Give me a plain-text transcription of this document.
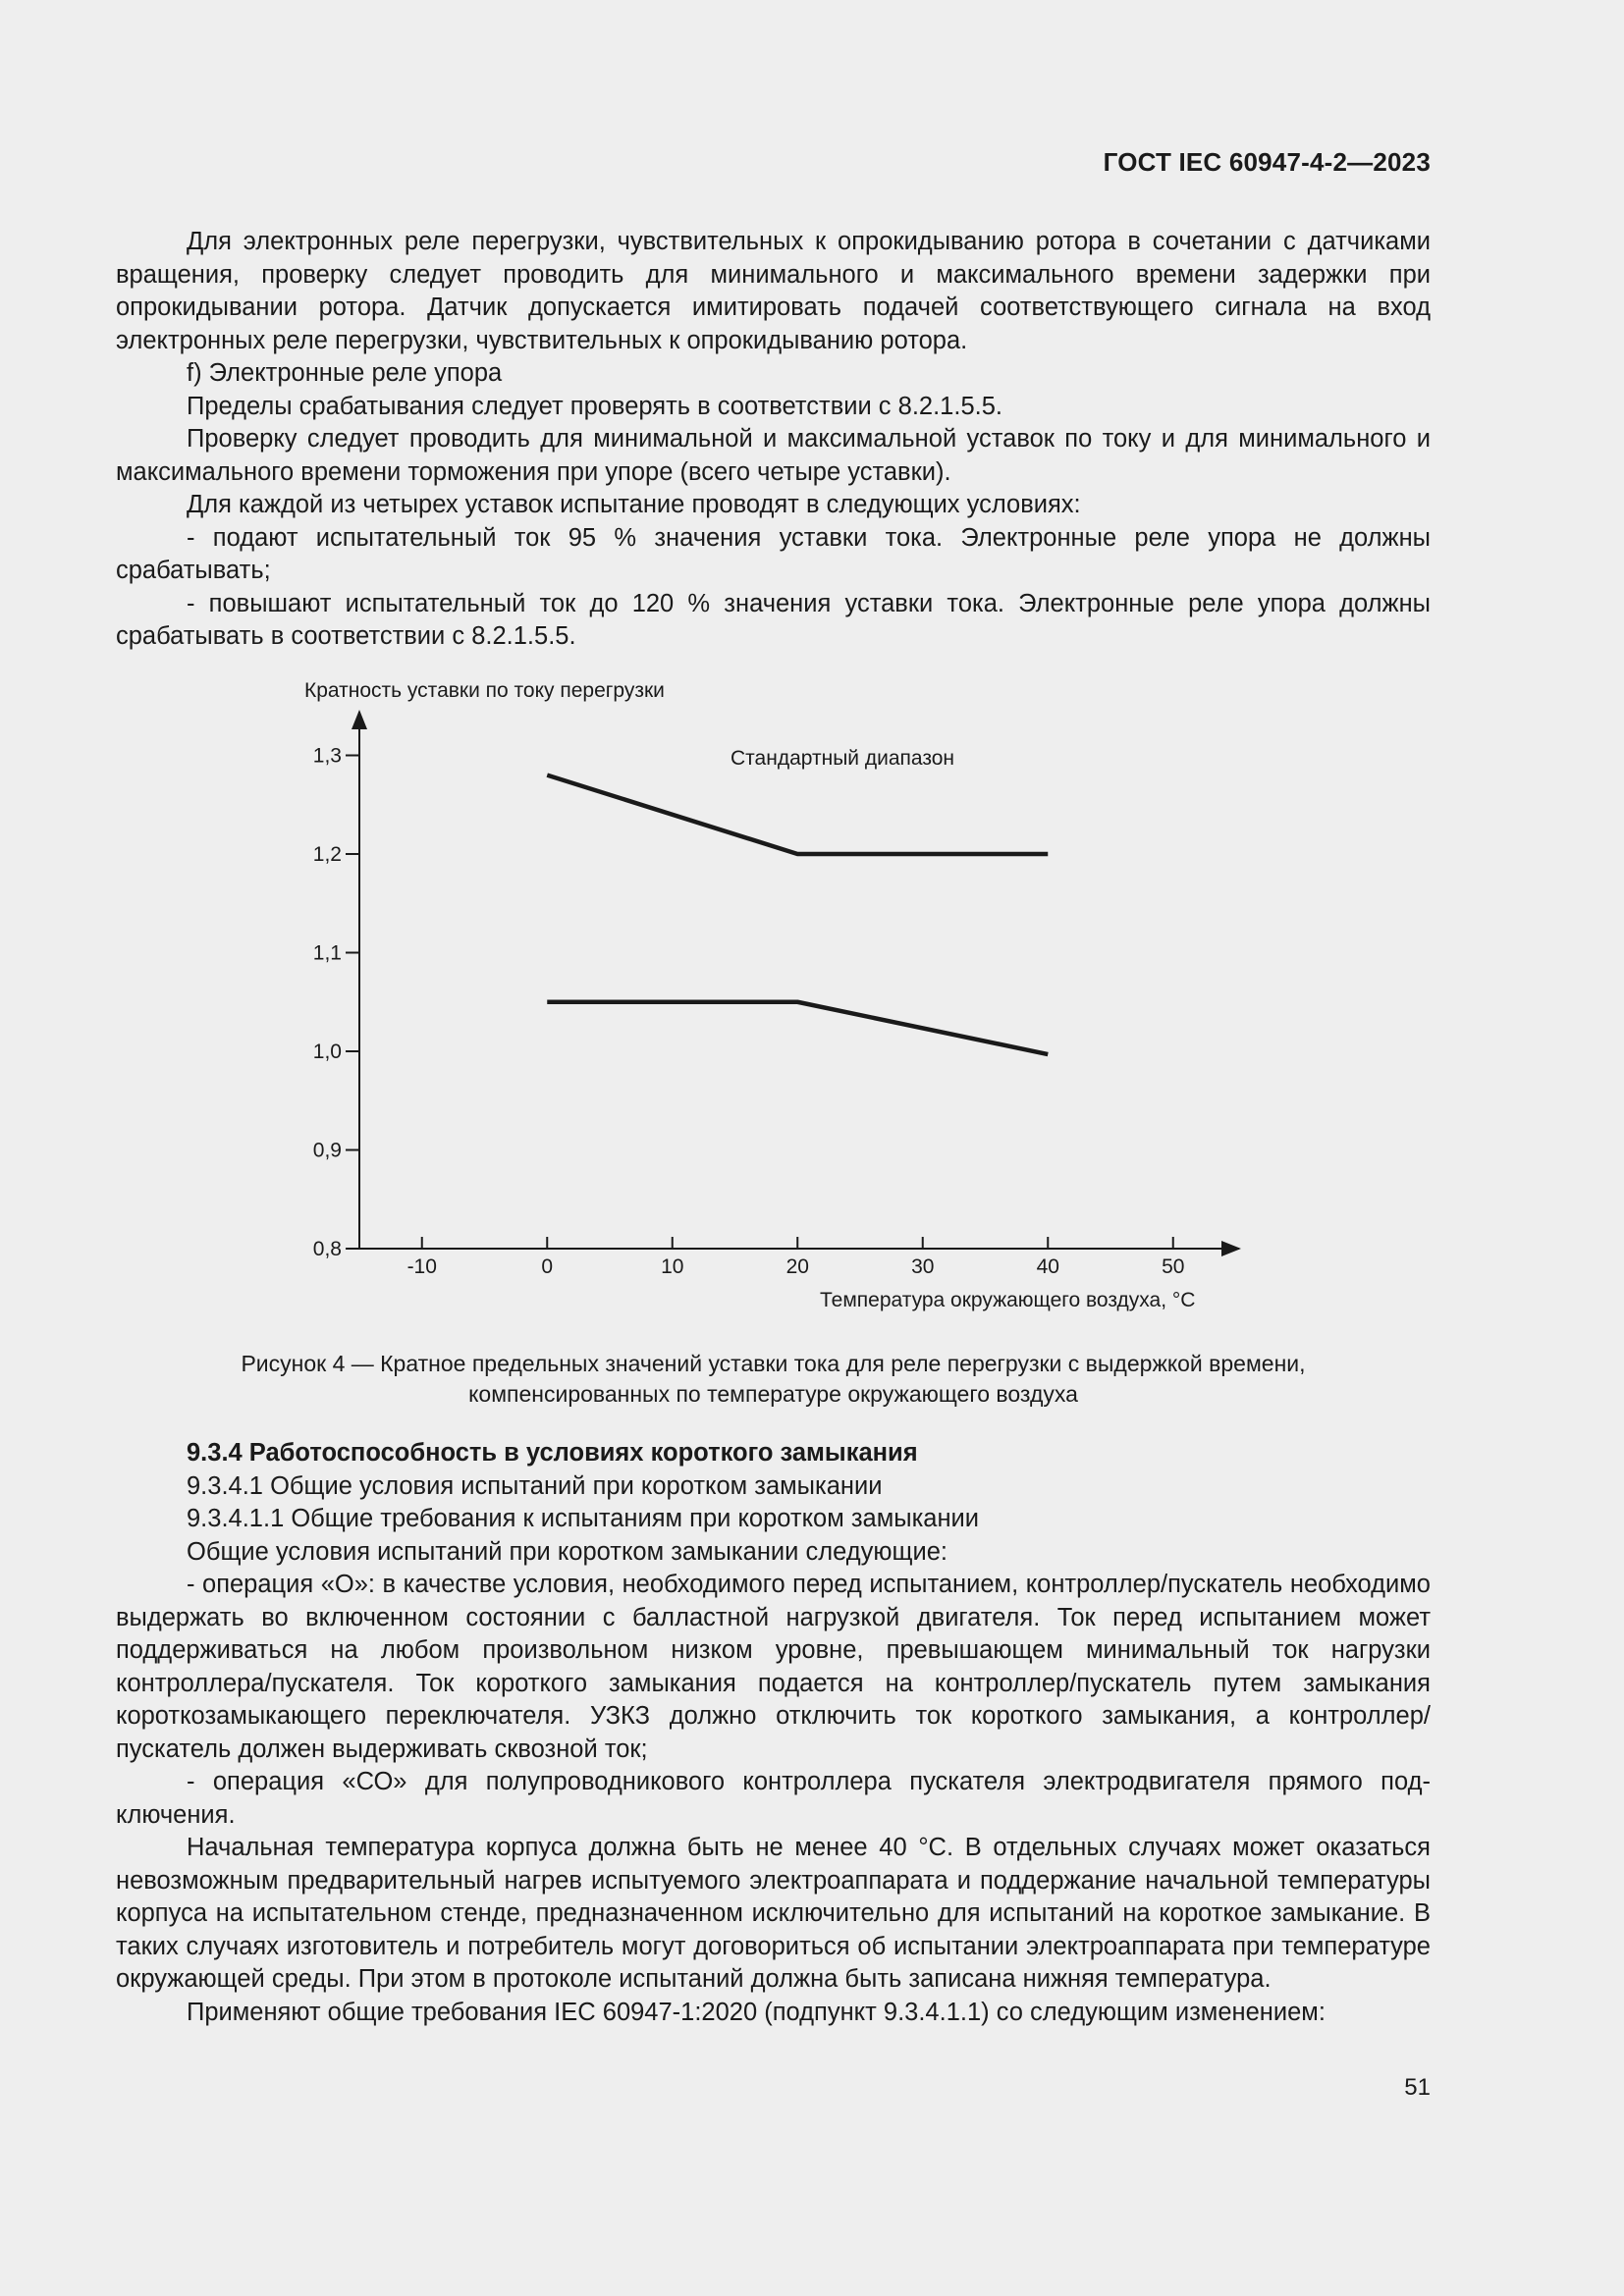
ГОСТ IEC 60947-4-2—2023

Для электронных реле перегрузки, чувствительных к опрокидыванию ротора в сочетании с датчиками вращения, проверку следует проводить для минимального и максимального времени задержки при опрокидывании ротора. Датчик допускается имитировать подачей соответствующего сигнала на вход электронных реле перегрузки, чувствительных к опрокидыванию ротора.

f) Электронные реле упора

Пределы срабатывания следует проверять в соответствии с 8.2.1.5.5.

Проверку следует проводить для минимальной и максимальной уставок по току и для минимального и максимального времени торможения при упоре (всего четыре уставки).

Для каждой из четырех уставок испытание проводят в следующих условиях:

- подают испытательный ток 95 % значения уставки тока. Электронные реле упора не должны срабатывать;

- повышают испытательный ток до 120 % значения уставки тока. Электронные реле упора должны срабатывать в соответствии с 8.2.1.5.5.

0,8
0,9
1,0
1,1
1,2
1,3
-10	0	10	20	30	40	50
Кратность уставки по току перегрузки
Стандартный диапазон
Температура окружающего воздуха, °С
Рисунок 4 — Кратное предельных значений уставки тока для реле перегрузки с выдержкой времени,
компенсированных по температуре окружающего воздуха

9.3.4 Работоспособность в условиях короткого замыкания

9.3.4.1 Общие условия испытаний при коротком замыкании

9.3.4.1.1 Общие требования к испытаниям при коротком замыкании

Общие условия испытаний при коротком замыкании следующие:

- операция «О»: в качестве условия, необходимого перед испытанием, контроллер/пускатель необходимо выдержать во включенном состоянии с балластной нагрузкой двигателя. Ток перед испытанием может поддерживаться на любом произвольном низком уровне, превышающем минимальный ток нагрузки контроллера/пускателя. Ток короткого замыкания подается на контроллер/пускатель путем замыкания короткозамыкающего переключателя. УЗКЗ должно отключить ток короткого замыкания, а контроллер/пускатель должен выдерживать сквозной ток;

- операция «СО» для полупроводникового контроллера пускателя электродвигателя прямого подключения.

Начальная температура корпуса должна быть не менее 40 °С. В отдельных случаях может оказаться невозможным предварительный нагрев испытуемого электроаппарата и поддержание начальной температуры корпуса на испытательном стенде, предназначенном исключительно для испытаний на короткое замыкание. В таких случаях изготовитель и потребитель могут договориться об испытании электроаппарата при температуре окружающей среды. При этом в протоколе испытаний должна быть записана нижняя температура.

Применяют общие требования IEC 60947-1:2020 (подпункт 9.3.4.1.1) со следующим изменением:

51
